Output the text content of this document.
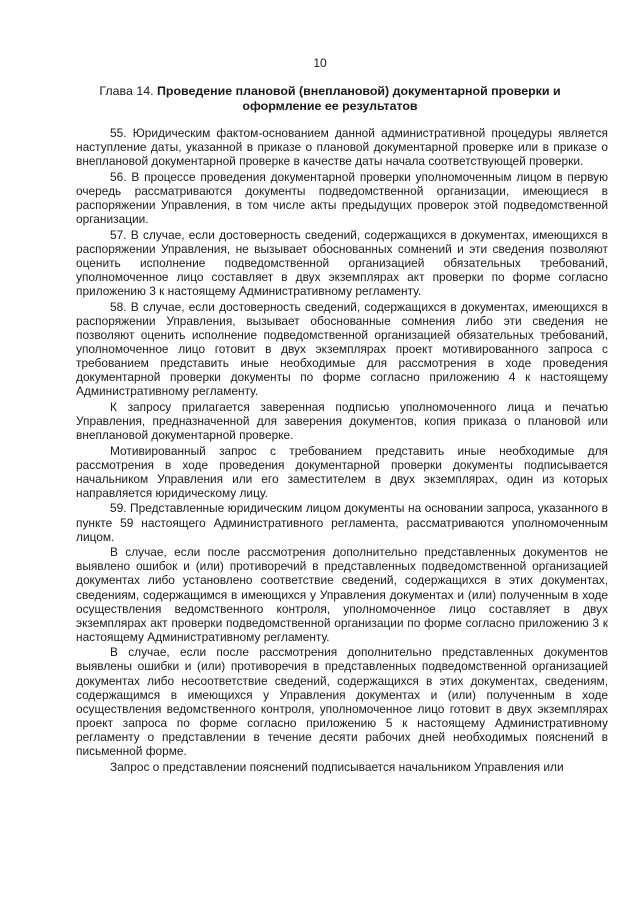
10
Глава 14. Проведение плановой (внеплановой) документарной проверки и оформление ее результатов

55. Юридическим фактом-основанием данной административной процедуры является наступление даты, указанной в приказе о плановой документарной проверке или в приказе о внеплановой документарной проверке в качестве даты начала соответствующей проверки.

56. В процессе проведения документарной проверки уполномоченным лицом в первую очередь рассматриваются документы подведомственной организации, имеющиеся в распоряжении Управления, в том числе акты предыдущих проверок этой подведомственной организации.

57. В случае, если достоверность сведений, содержащихся в документах, имеющихся в распоряжении Управления, не вызывает обоснованных сомнений и эти сведения позволяют оценить исполнение подведомственной организацией обязательных требований, уполномоченное лицо составляет в двух экземплярах акт проверки по форме согласно приложению 3 к настоящему Административному регламенту.

58. В случае, если достоверность сведений, содержащихся в документах, имеющихся в распоряжении Управления, вызывает обоснованные сомнения либо эти сведения не позволяют оценить исполнение подведомственной организацией обязательных требований, уполномоченное лицо готовит в двух экземплярах проект мотивированного запроса с требованием представить иные необходимые для рассмотрения в ходе проведения документарной проверки документы по форме согласно приложению 4 к настоящему Административному регламенту.

К запросу прилагается заверенная подписью уполномоченного лица и печатью Управления, предназначенной для заверения документов, копия приказа о плановой или внеплановой документарной проверке.

Мотивированный запрос с требованием представить иные необходимые для рассмотрения в ходе проведения документарной проверки документы подписывается начальником Управления или его заместителем в двух экземплярах, один из которых направляется юридическому лицу.

59. Представленные юридическим лицом документы на основании запроса, указанного в пункте 59 настоящего Административного регламента, рассматриваются уполномоченным лицом.

В случае, если после рассмотрения дополнительно представленных документов не выявлено ошибок и (или) противоречий в представленных подведомственной организацией документах либо установлено соответствие сведений, содержащихся в этих документах, сведениям, содержащимся в имеющихся у Управления документах и (или) полученным в ходе осуществления ведомственного контроля, уполномоченное лицо составляет в двух экземплярах акт проверки подведомственной организации по форме согласно приложению 3 к настоящему Административному регламенту.

В случае, если после рассмотрения дополнительно представленных документов выявлены ошибки и (или) противоречия в представленных подведомственной организацией документах либо несоответствие сведений, содержащихся в этих документах, сведениям, содержащимся в имеющихся у Управления документах и (или) полученным в ходе осуществления ведомственного контроля, уполномоченное лицо готовит в двух экземплярах проект запроса по форме согласно приложению 5 к настоящему Административному регламенту о представлении в течение десяти рабочих дней необходимых пояснений в письменной форме.

Запрос о представлении пояснений подписывается начальником Управления или
